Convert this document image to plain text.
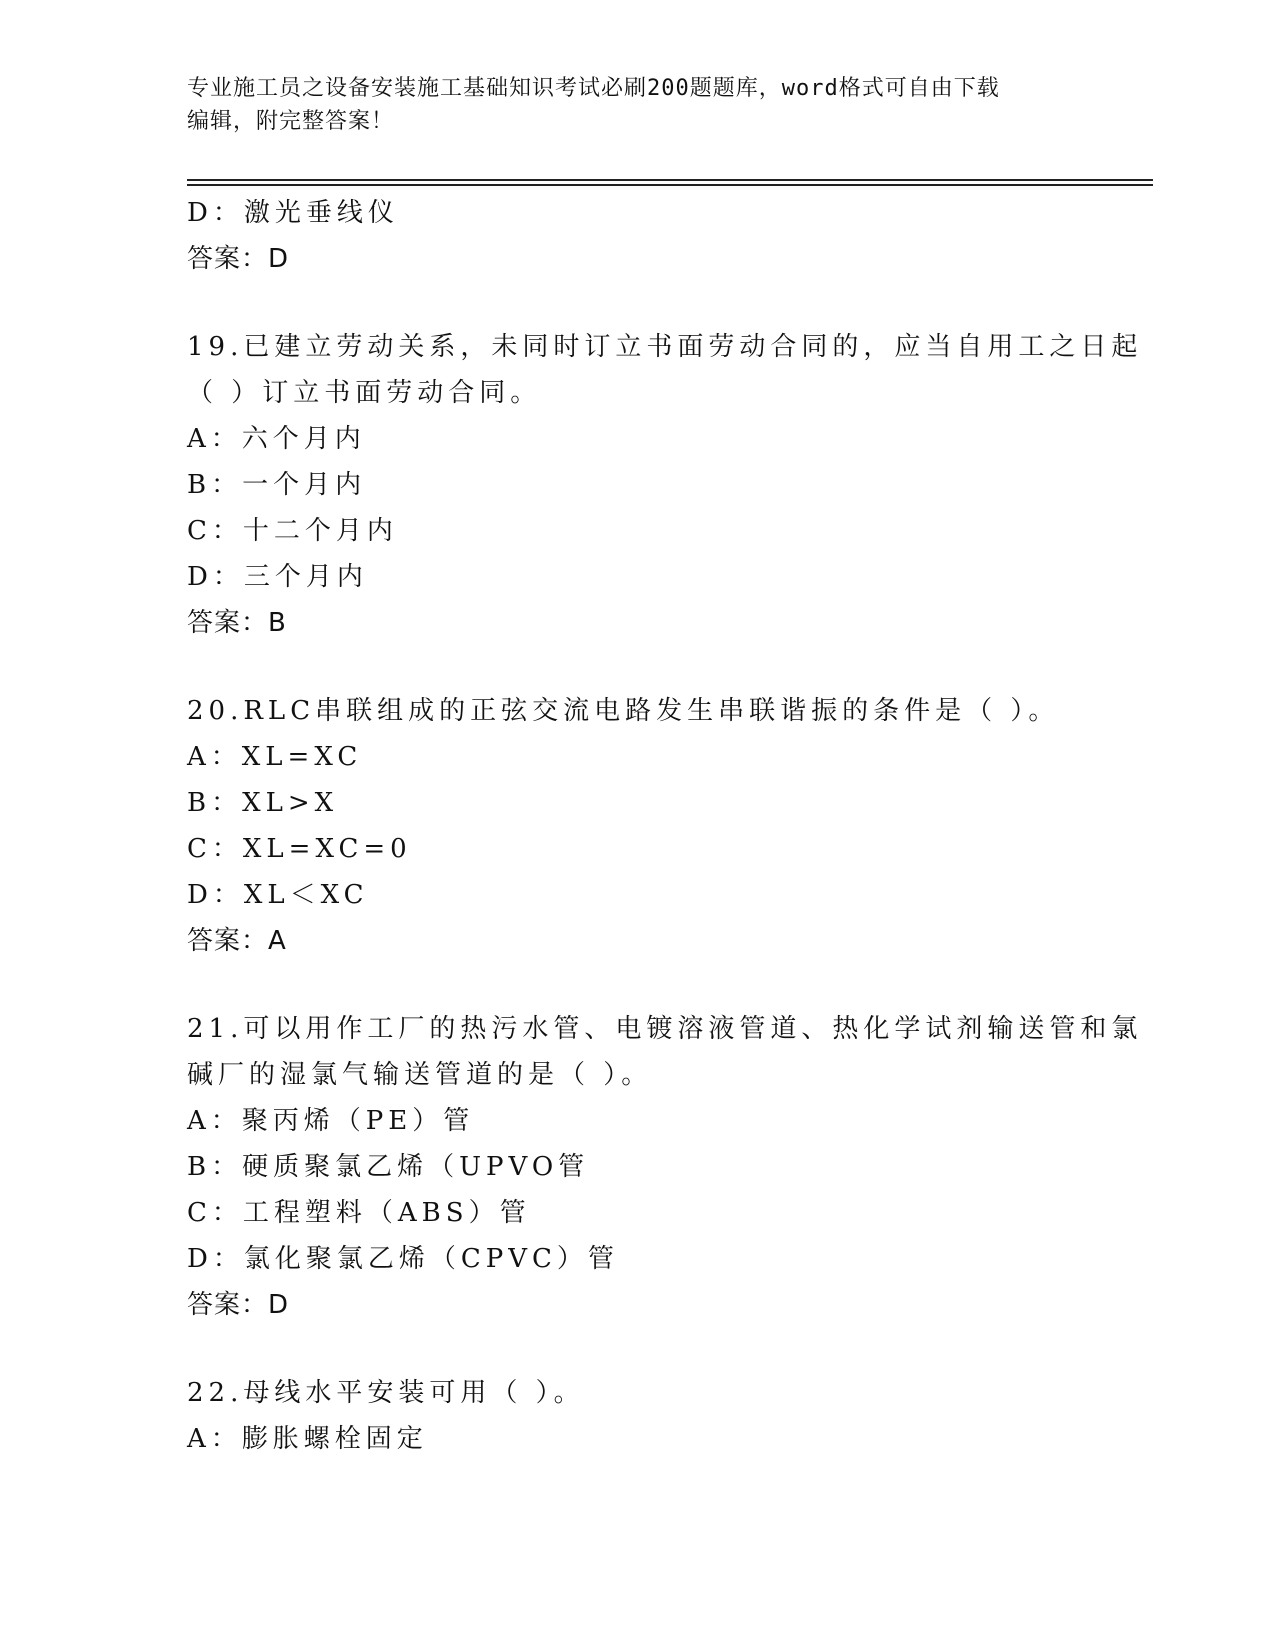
专业施工员之设备安装施工基础知识考试必刷200题题库，word格式可自由下载
编辑，附完整答案！
D：激光垂线仪
答案：D
19.已建立劳动关系，未同时订立书面劳动合同的，应当自用工之日起
（ ）订立书面劳动合同。
A：六个月内
B：一个月内
C：十二个月内
D：三个月内
答案：B
20.RLC串联组成的正弦交流电路发生串联谐振的条件是（ ）。
A：XL=XC
B：XL>X
C：XL=XC=0
D：XL＜XC
答案：A
21.可以用作工厂的热污水管、电镀溶液管道、热化学试剂输送管和氯
碱厂的湿氯气输送管道的是（ ）。
A：聚丙烯（PE）管
B：硬质聚氯乙烯（UPVO管
C：工程塑料（ABS）管
D：氯化聚氯乙烯（CPVC）管
答案：D
22.母线水平安装可用（ ）。
A：膨胀螺栓固定
